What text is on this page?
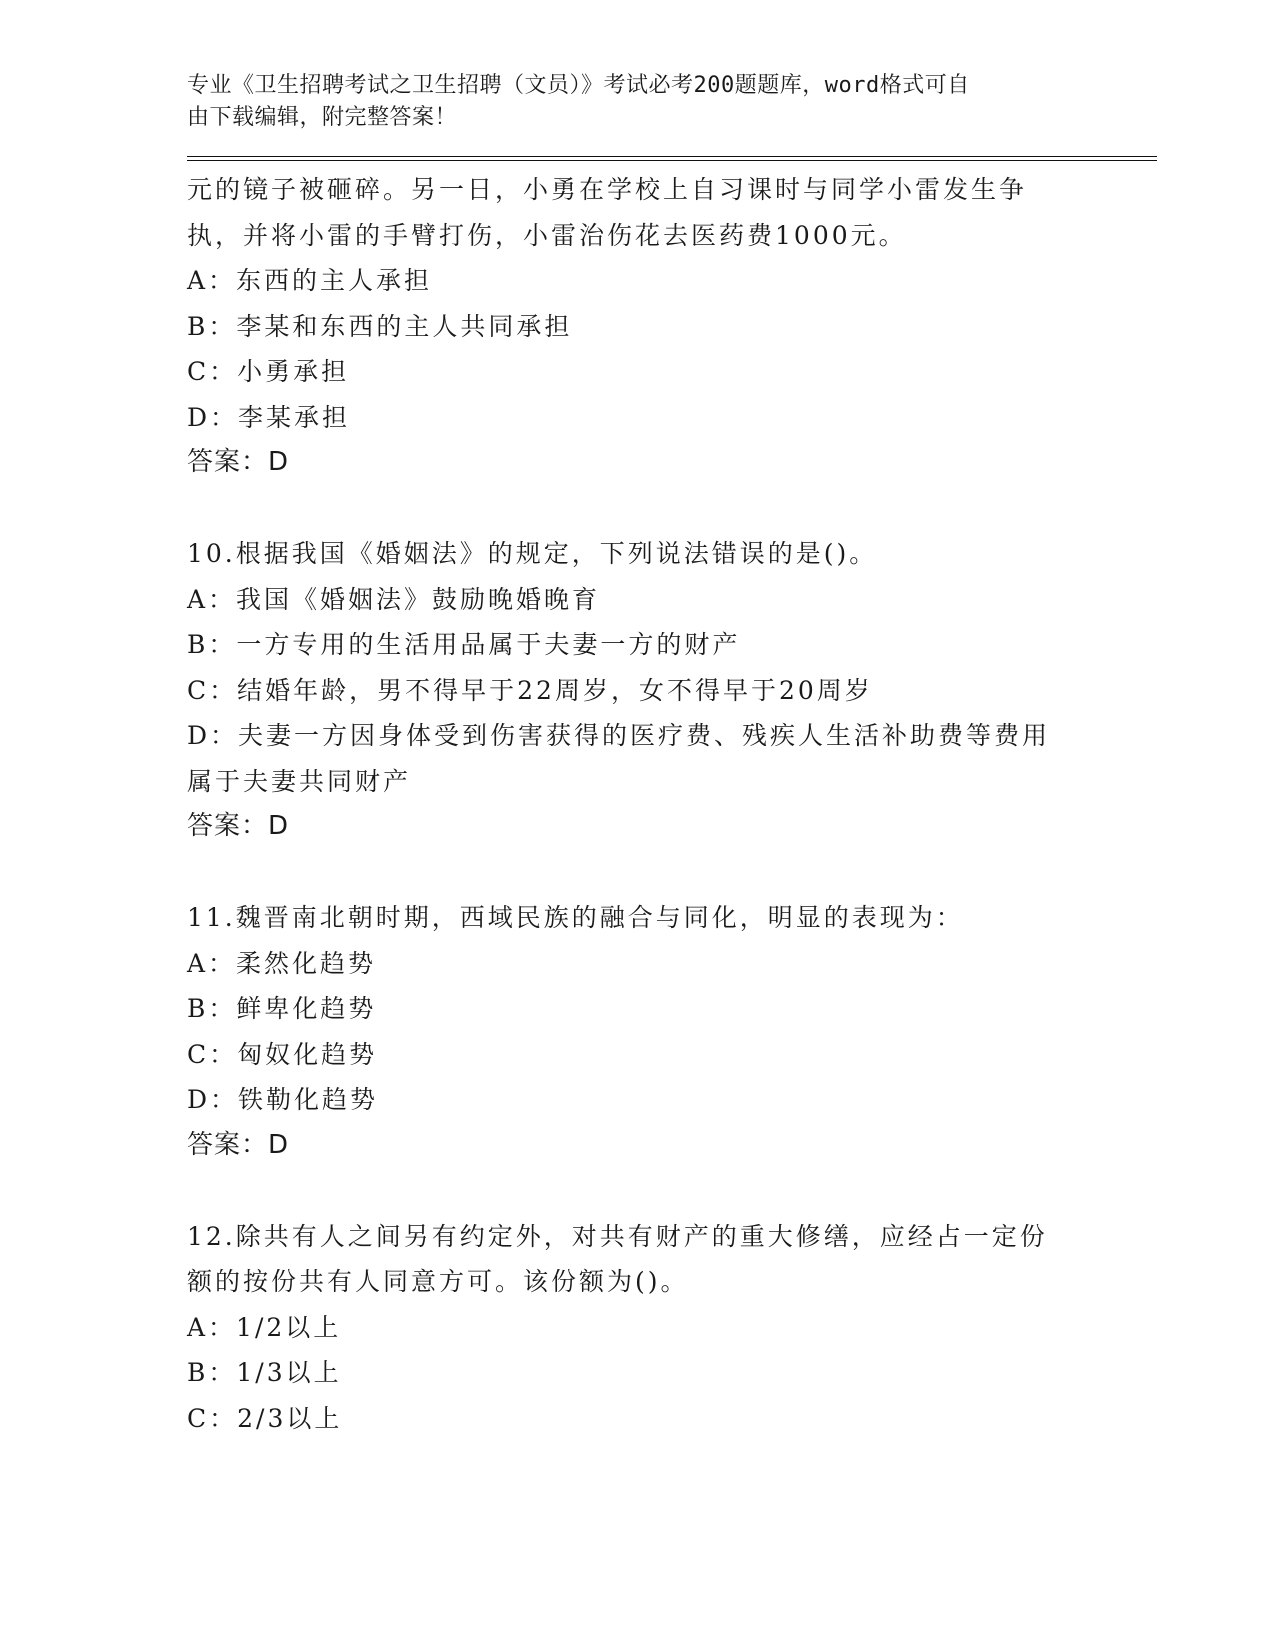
专业《卫生招聘考试之卫生招聘（文员）》考试必考200题题库，word格式可自

由下载编辑，附完整答案！

元的镜子被砸碎。另一日，小勇在学校上自习课时与同学小雷发生争

执，并将小雷的手臂打伤，小雷治伤花去医药费1000元。

A：东西的主人承担

B：李某和东西的主人共同承担

C：小勇承担

D：李某承担

答案：D

10.根据我国《婚姻法》的规定，下列说法错误的是()。

A：我国《婚姻法》鼓励晚婚晚育

B：一方专用的生活用品属于夫妻一方的财产

C：结婚年龄，男不得早于22周岁，女不得早于20周岁

D：夫妻一方因身体受到伤害获得的医疗费、残疾人生活补助费等费用

属于夫妻共同财产

答案：D

11.魏晋南北朝时期，西域民族的融合与同化，明显的表现为：

A：柔然化趋势

B：鲜卑化趋势

C：匈奴化趋势

D：铁勒化趋势

答案：D

12.除共有人之间另有约定外，对共有财产的重大修缮，应经占一定份

额的按份共有人同意方可。该份额为()。

A：1/2以上

B：1/3以上

C：2/3以上
